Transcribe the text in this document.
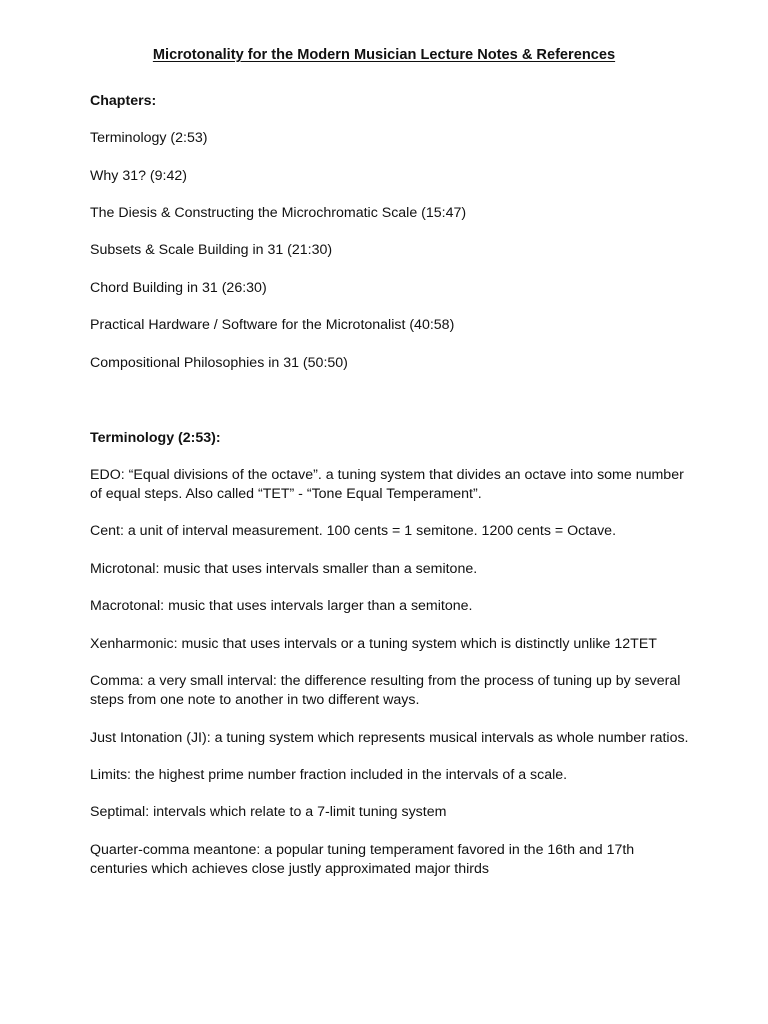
Microtonality for the Modern Musician Lecture Notes & References

Chapters:

Terminology (2:53)

Why 31? (9:42)

The Diesis & Constructing the Microchromatic Scale (15:47)

Subsets & Scale Building in 31 (21:30)

Chord Building in 31 (26:30)

Practical Hardware / Software for the Microtonalist (40:58)

Compositional Philosophies in 31 (50:50)

Terminology (2:53):

EDO: “Equal divisions of the octave”. a tuning system that divides an octave into some number of equal steps. Also called “TET” - “Tone Equal Temperament”.

Cent: a unit of interval measurement. 100 cents = 1 semitone. 1200 cents = Octave.

Microtonal: music that uses intervals smaller than a semitone.

Macrotonal: music that uses intervals larger than a semitone.

Xenharmonic: music that uses intervals or a tuning system which is distinctly unlike 12TET

Comma: a very small interval: the difference resulting from the process of tuning up by several steps from one note to another in two different ways.

Just Intonation (JI): a tuning system which represents musical intervals as whole number ratios.

Limits: the highest prime number fraction included in the intervals of a scale.

Septimal: intervals which relate to a 7-limit tuning system

Quarter-comma meantone: a popular tuning temperament favored in the 16th and 17th centuries which achieves close justly approximated major thirds
